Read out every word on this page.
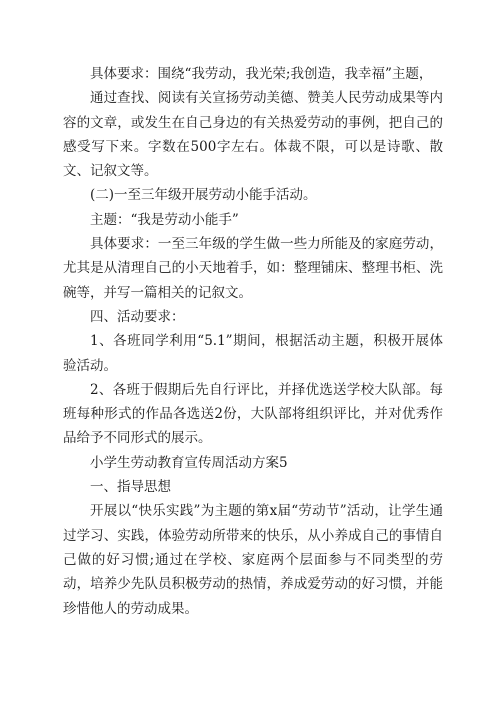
具体要求：围绕“我劳动，我光荣;我创造，我幸福”主题，

通过查找、阅读有关宣扬劳动美德、赞美人民劳动成果等内容的文章，或发生在自己身边的有关热爱劳动的事例，把自己的感受写下来。字数在500字左右。体裁不限，可以是诗歌、散文、记叙文等。

(二)一至三年级开展劳动小能手活动。

主题：“我是劳动小能手”

具体要求：一至三年级的学生做一些力所能及的家庭劳动，尤其是从清理自己的小天地着手，如：整理铺床、整理书柜、洗碗等，并写一篇相关的记叙文。

四、活动要求：

1、各班同学利用“5.1”期间，根据活动主题，积极开展体验活动。

2、各班于假期后先自行评比，并择优选送学校大队部。每班每种形式的作品各选送2份，大队部将组织评比，并对优秀作品给予不同形式的展示。

小学生劳动教育宣传周活动方案5

一、指导思想

开展以“快乐实践”为主题的第x届“劳动节”活动，让学生通过学习、实践，体验劳动所带来的快乐，从小养成自己的事情自己做的好习惯;通过在学校、家庭两个层面参与不同类型的劳动，培养少先队员积极劳动的热情，养成爱劳动的好习惯，并能珍惜他人的劳动成果。
